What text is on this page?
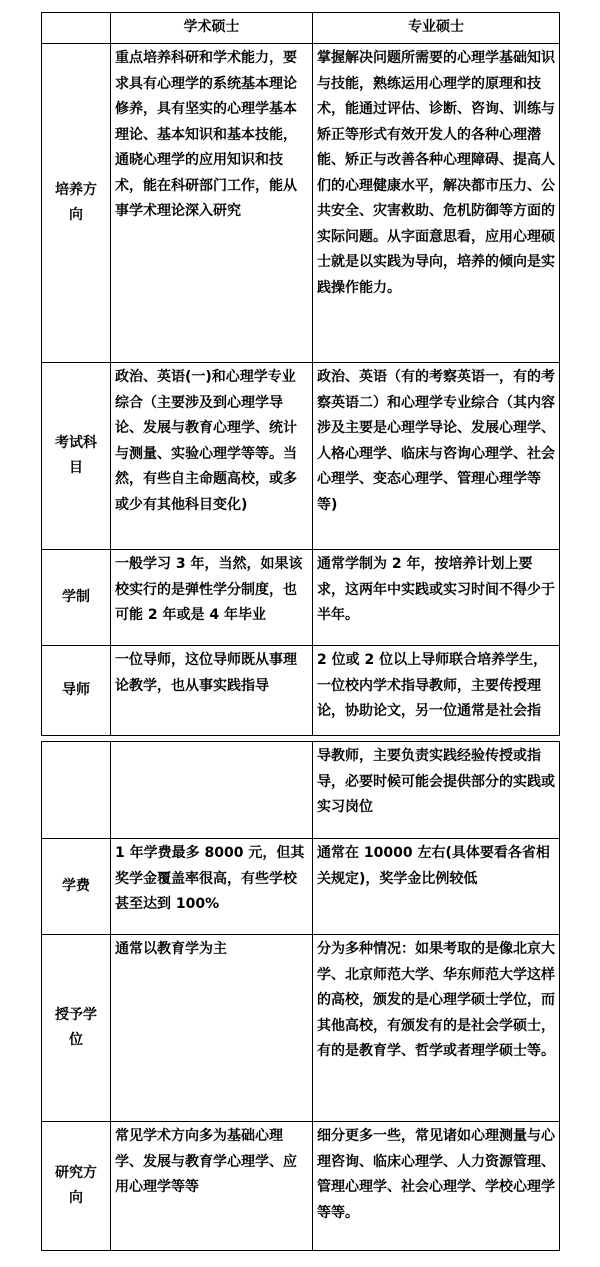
	学术硕士	专业硕士
培养方向	重点培养科研和学术能力，要求具有心理学的系统基本理论修养，具有坚实的心理学基本理论、基本知识和基本技能，通晓心理学的应用知识和技术，能在科研部门工作，能从事学术理论深入研究	掌握解决问题所需要的心理学基础知识与技能，熟练运用心理学的原理和技术，能通过评估、诊断、咨询、训练与矫正等形式有效开发人的各种心理潜能、矫正与改善各种心理障碍、提高人们的心理健康水平，解决都市压力、公共安全、灾害救助、危机防御等方面的实际问题。从字面意思看，应用心理硕士就是以实践为导向，培养的倾向是实践操作能力。
考试科目	政治、英语(一)和心理学专业综合（主要涉及到心理学导论、发展与教育心理学、统计与测量、实验心理学等等。当然，有些自主命题高校，或多或少有其他科目变化)	政治、英语（有的考察英语一，有的考察英语二）和心理学专业综合（其内容涉及主要是心理学导论、发展心理学、人格心理学、临床与咨询心理学、社会心理学、变态心理学、管理心理学等等)
学制	一般学习 3 年，当然，如果该校实行的是弹性学分制度，也可能 2 年或是 4 年毕业	通常学制为 2 年，按培养计划上要求，这两年中实践或实习时间不得少于半年。
导师	一位导师，这位导师既从事理论教学，也从事实践指导	2 位或 2 位以上导师联合培养学生，一位校内学术指导教师，主要传授理论，协助论文，另一位通常是社会指
		导教师，主要负责实践经验传授或指导，必要时候可能会提供部分的实践或实习岗位
学费	1 年学费最多 8000 元，但其奖学金覆盖率很高，有些学校甚至达到 100%	通常在 10000 左右(具体要看各省相关规定)，奖学金比例较低
授予学位	通常以教育学为主	分为多种情况：如果考取的是像北京大学、北京师范大学、华东师范大学这样的高校，颁发的是心理学硕士学位，而其他高校，有颁发有的是社会学硕士，有的是教育学、哲学或者理学硕士等。
研究方向	常见学术方向多为基础心理学、发展与教育学心理学、应用心理学等等	细分更多一些，常见诸如心理测量与心理咨询、临床心理学、人力资源管理、管理心理学、社会心理学、学校心理学等等。
